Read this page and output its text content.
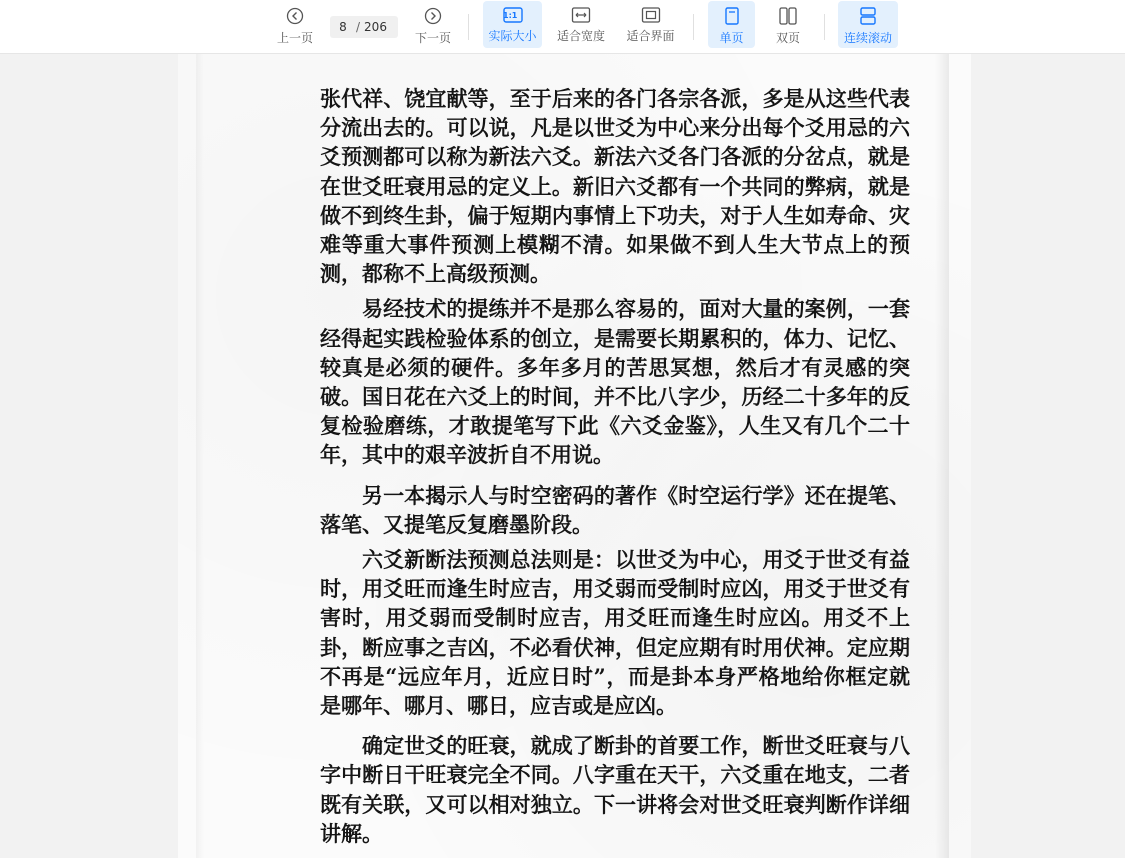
上一页
8
/ 206
下一页	实际大小 适合宽度 适合界面	单页	双页	连续滚动

张代祥、饶宜献等，至于后来的各门各宗各派，多是从这些代表分流出去的。可以说，凡是以世爻为中心来分出每个爻用忌的六爻预测都可以称为新法六爻。新法六爻各门各派的分岔点，就是在世爻旺衰用忌的定义上。新旧六爻都有一个共同的弊病，就是做不到终生卦，偏于短期内事情上下功夫，对于人生如寿命、灾难等重大事件预测上模糊不清。如果做不到人生大节点上的预测，都称不上高级预测。

易经技术的提练并不是那么容易的，面对大量的案例，一套经得起实践检验体系的创立，是需要长期累积的，体力、记忆、较真是必须的硬件。多年多月的苦思冥想，然后才有灵感的突破。国日花在六爻上的时间，并不比八字少，历经二十多年的反复检验磨练，才敢提笔写下此《六爻金鉴》，人生又有几个二十年，其中的艰辛波折自不用说。

另一本揭示人与时空密码的著作《时空运行学》还在提笔、落笔、又提笔反复磨墨阶段。

六爻新断法预测总法则是：以世爻为中心，用爻于世爻有益时，用爻旺而逢生时应吉，用爻弱而受制时应凶，用爻于世爻有害时，用爻弱而受制时应吉，用爻旺而逢生时应凶。用爻不上卦，断应事之吉凶，不必看伏神，但定应期有时用伏神。定应期不再是“远应年月，近应日时”，而是卦本身严格地给你框定就是哪年、哪月、哪日，应吉或是应凶。

确定世爻的旺衰，就成了断卦的首要工作，断世爻旺衰与八字中断日干旺衰完全不同。八字重在天干，六爻重在地支，二者既有关联，又可以相对独立。下一讲将会对世爻旺衰判断作详细讲解。

1:1
